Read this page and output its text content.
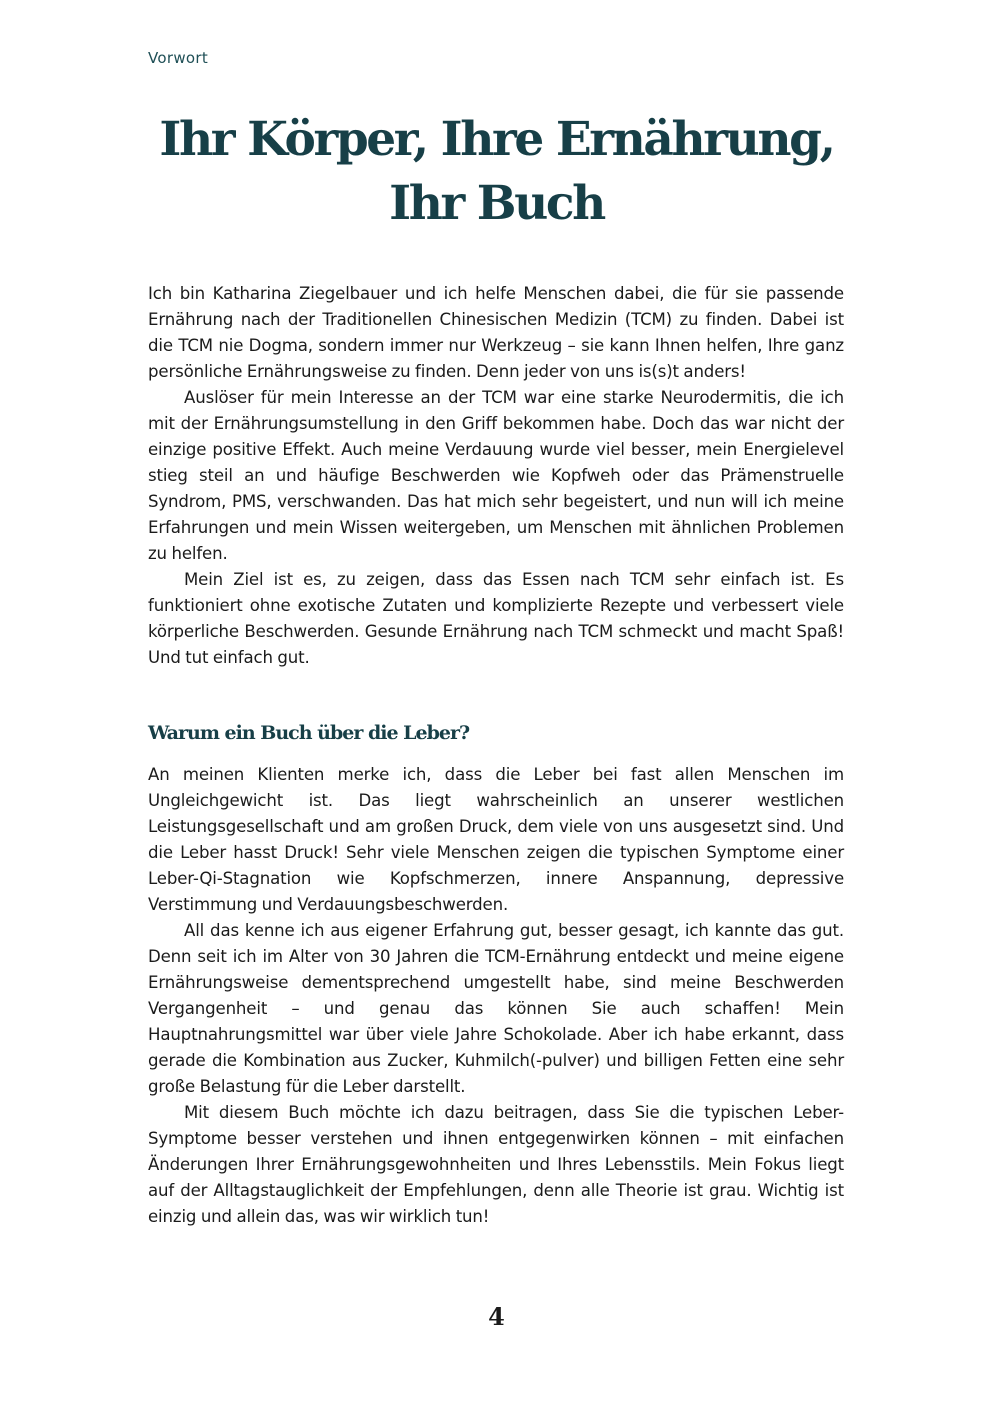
Vorwort
Ihr Körper, Ihre Ernährung,
Ihr Buch

Ich bin Katharina Ziegelbauer und ich helfe Menschen dabei, die für sie passende Ernährung nach der Traditionellen Chinesischen Medizin (TCM) zu finden. Dabei ist die TCM nie Dogma, sondern immer nur Werkzeug – sie kann Ihnen helfen, Ihre ganz persönliche Ernährungsweise zu finden. Denn jeder von uns is(s)t anders!

Auslöser für mein Interesse an der TCM war eine starke Neurodermitis, die ich mit der Ernährungsumstellung in den Griff bekommen habe. Doch das war nicht der einzige positive Effekt. Auch meine Verdauung wurde viel besser, mein Energielevel stieg steil an und häufige Beschwerden wie Kopfweh oder das Prämenstruelle Syndrom, PMS, verschwanden. Das hat mich sehr begeistert, und nun will ich meine Erfahrungen und mein Wissen weitergeben, um Menschen mit ähnlichen Problemen zu helfen.

Mein Ziel ist es, zu zeigen, dass das Essen nach TCM sehr einfach ist. Es funktioniert ohne exotische Zutaten und komplizierte Rezepte und verbessert viele körperliche Beschwerden. Gesunde Ernährung nach TCM schmeckt und macht Spaß! Und tut einfach gut.

Warum ein Buch über die Leber?

An meinen Klienten merke ich, dass die Leber bei fast allen Menschen im Ungleichgewicht ist. Das liegt wahrscheinlich an unserer westlichen Leistungsgesellschaft und am großen Druck, dem viele von uns ausgesetzt sind. Und die Leber hasst Druck! Sehr viele Menschen zeigen die typischen Symptome einer Leber-Qi-Stagnation wie Kopfschmerzen, innere Anspannung, depressive Verstimmung und Verdauungsbeschwerden.

All das kenne ich aus eigener Erfahrung gut, besser gesagt, ich kannte das gut. Denn seit ich im Alter von 30 Jahren die TCM-Ernährung entdeckt und meine eigene Ernährungsweise dementsprechend umgestellt habe, sind meine Beschwerden Vergangenheit – und genau das können Sie auch schaffen! Mein Hauptnahrungsmittel war über viele Jahre Schokolade. Aber ich habe erkannt, dass gerade die Kombination aus Zucker, Kuhmilch(-pulver) und billigen Fetten eine sehr große Belastung für die Leber darstellt.

Mit diesem Buch möchte ich dazu beitragen, dass Sie die typischen Leber-Symptome besser verstehen und ihnen entgegenwirken können – mit einfachen Änderungen Ihrer Ernährungsgewohnheiten und Ihres Lebensstils. Mein Fokus liegt auf der Alltagstauglichkeit der Empfehlungen, denn alle Theorie ist grau. Wichtig ist einzig und allein das, was wir wirklich tun!

4
